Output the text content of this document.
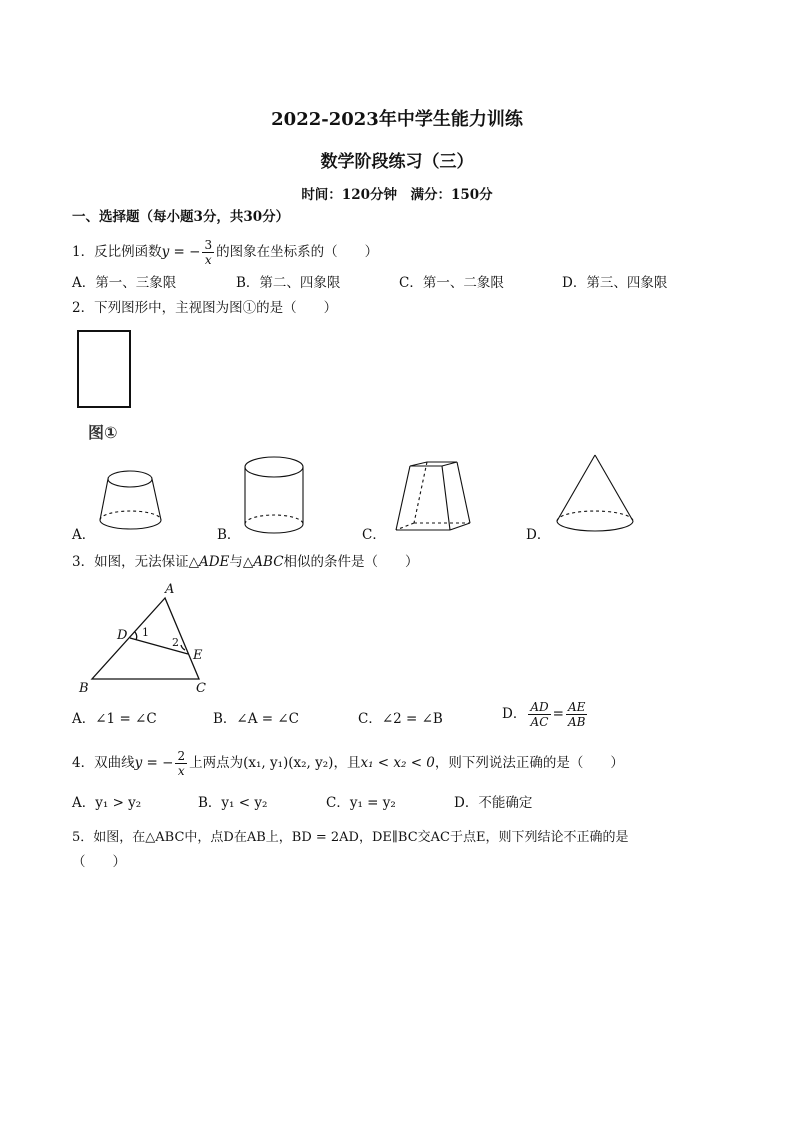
2022-2023年中学生能力训练
数学阶段练习（三）
时间：120分钟　满分：150分
一、选择题（每小题3分，共30分）
1．反比例函数y = − $\frac{3}{x}$ 的图象在坐标系的（　　）
A．第一、三象限	B．第二、四象限	C．第一、二象限	D．第三、四象限
2．下列图形中，主视图为图①的是（　　）
图①
A．	B．	C．	D．
3．如图，无法保证△ADE与△ABC相似的条件是（　　）
A
D 1
2
E
B	C
A．∠1 = ∠C	B．∠A = ∠C	C．∠2 = ∠B	D． $\frac{AD}{AC} = \frac{AE}{AB}$
4．双曲线y = − $\frac{2}{x}$ 上两点为(x₁, y₁)(x₂, y₂)，且x₁ < x₂ < 0，则下列说法正确的是（　　）
A．y₁ > y₂	B．y₁ < y₂	C．y₁ = y₂	D．不能确定
5．如图，在△ABC中，点D在AB上，BD = 2AD，DE∥BC交AC于点E，则下列结论不正确的是
（　　）
